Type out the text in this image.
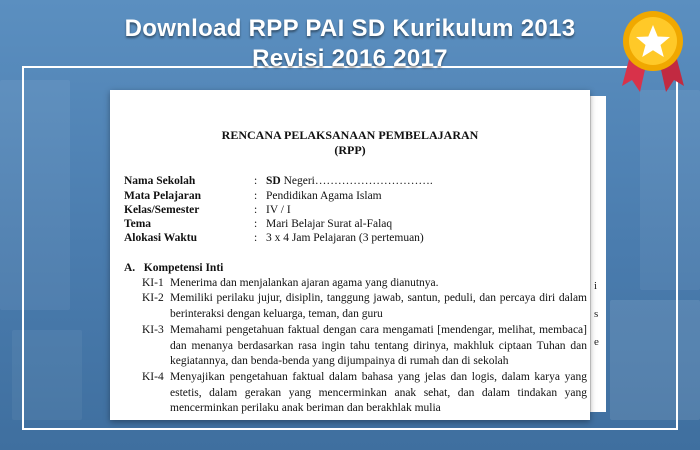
Download RPP PAI SD Kurikulum 2013
Revisi 2016 2017
i
s
e
RENCANA PELAKSANAAN PEMBELAJARAN
(RPP)
Nama Sekolah	: SD Negeri………………………….
Mata Pelajaran	: Pendidikan Agama Islam
Kelas/Semester	: IV / I
Tema	: Mari Belajar Surat al-Falaq
Alokasi Waktu	: 3 x 4 Jam Pelajaran (3 pertemuan)
A.   Kompetensi Inti
KI-1 Menerima dan menjalankan ajaran agama yang dianutnya.
KI-2 Memiliki perilaku jujur, disiplin, tanggung jawab, santun, peduli, dan percaya diri dalam berinteraksi dengan keluarga, teman, dan guru
KI-3 Memahami pengetahuan faktual dengan cara mengamati [mendengar, melihat, membaca] dan menanya berdasarkan rasa ingin tahu tentang dirinya, makhluk ciptaan Tuhan dan kegiatannya, dan benda-benda yang dijumpainya di rumah dan di sekolah
KI-4 Menyajikan pengetahuan faktual dalam bahasa yang jelas dan logis, dalam karya yang estetis, dalam gerakan yang mencerminkan anak sehat, dan dalam tindakan yang mencerminkan perilaku anak beriman dan berakhlak mulia
